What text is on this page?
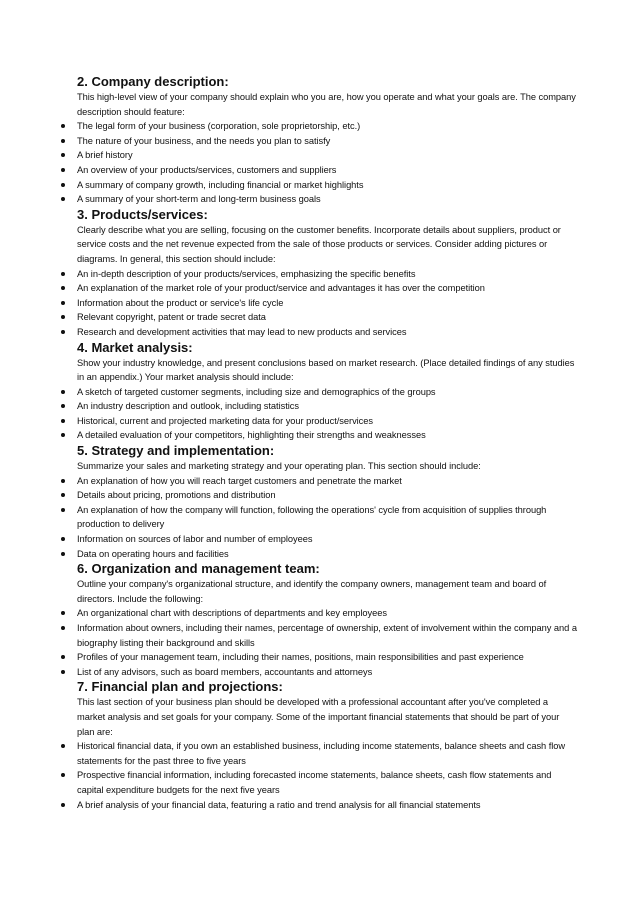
2. Company description:

This high-level view of your company should explain who you are, how you operate and what your goals are. The company description should feature:

The legal form of your business (corporation, sole proprietorship, etc.)
The nature of your business, and the needs you plan to satisfy
A brief history
An overview of your products/services, customers and suppliers
A summary of company growth, including financial or market highlights
A summary of your short-term and long-term business goals
3. Products/services:

Clearly describe what you are selling, focusing on the customer benefits. Incorporate details about suppliers, product or service costs and the net revenue expected from the sale of those products or services. Consider adding pictures or diagrams. In general, this section should include:

An in-depth description of your products/services, emphasizing the specific benefits
An explanation of the market role of your product/service and advantages it has over the competition
Information about the product or service's life cycle
Relevant copyright, patent or trade secret data
Research and development activities that may lead to new products and services
4. Market analysis:

Show your industry knowledge, and present conclusions based on market research. (Place detailed findings of any studies in an appendix.) Your market analysis should include:

A sketch of targeted customer segments, including size and demographics of the groups
An industry description and outlook, including statistics
Historical, current and projected marketing data for your product/services
A detailed evaluation of your competitors, highlighting their strengths and weaknesses
5. Strategy and implementation:

Summarize your sales and marketing strategy and your operating plan. This section should include:

An explanation of how you will reach target customers and penetrate the market
Details about pricing, promotions and distribution
An explanation of how the company will function, following the operations' cycle from acquisition of supplies through production to delivery
Information on sources of labor and number of employees
Data on operating hours and facilities
6. Organization and management team:

Outline your company's organizational structure, and identify the company owners, management team and board of directors. Include the following:

An organizational chart with descriptions of departments and key employees
Information about owners, including their names, percentage of ownership, extent of involvement within the company and a biography listing their background and skills
Profiles of your management team, including their names, positions, main responsibilities and past experience
List of any advisors, such as board members, accountants and attorneys
7. Financial plan and projections:

This last section of your business plan should be developed with a professional accountant after you've completed a market analysis and set goals for your company. Some of the important financial statements that should be part of your plan are:

Historical financial data, if you own an established business, including income statements, balance sheets and cash flow statements for the past three to five years
Prospective financial information, including forecasted income statements, balance sheets, cash flow statements and capital expenditure budgets for the next five years
A brief analysis of your financial data, featuring a ratio and trend analysis for all financial statements
